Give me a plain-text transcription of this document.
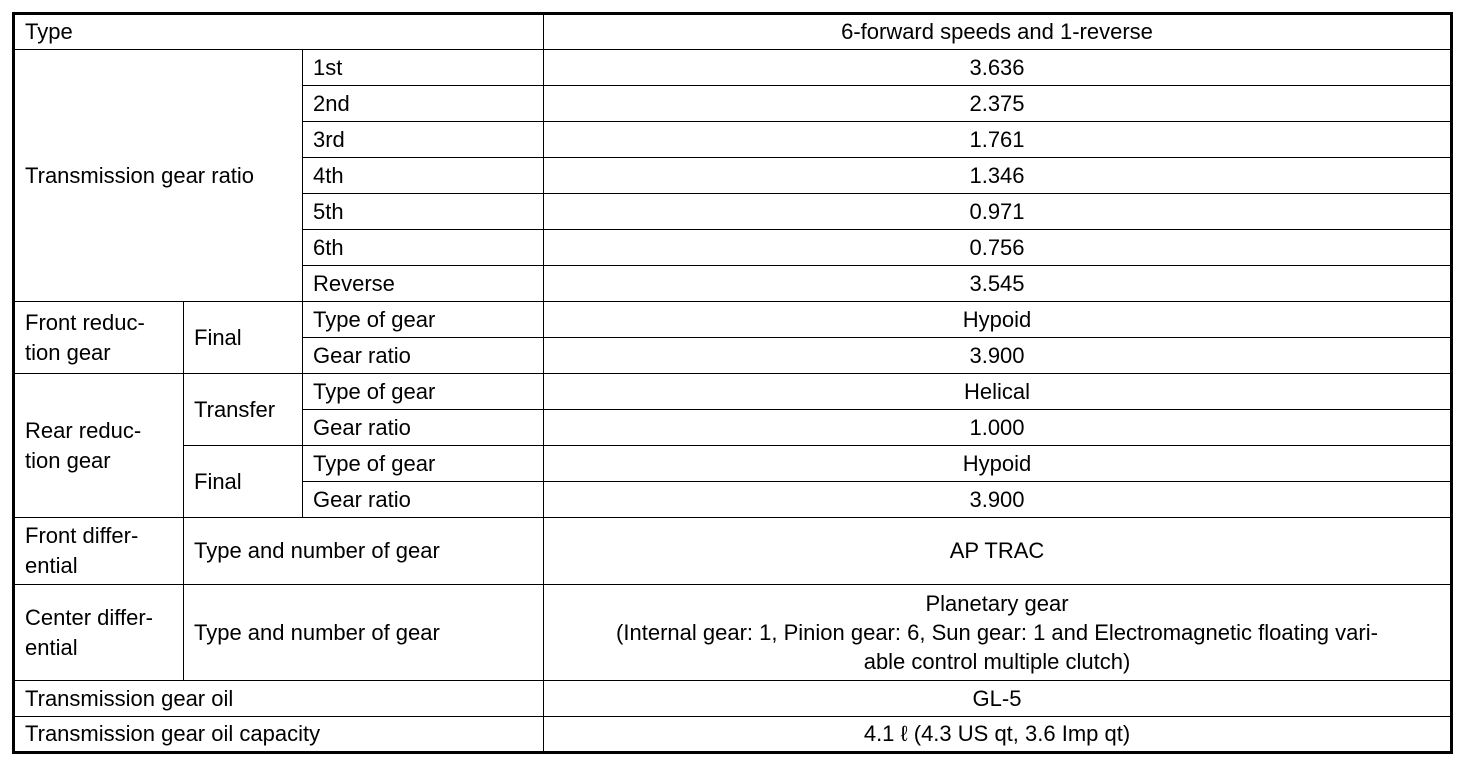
Type			6-forward speeds and 1-reverse
Transmission gear ratio		1st	3.636
		2nd	2.375
		3rd	1.761
		4th	1.346
		5th	0.971
		6th	0.756
		Reverse	3.545

Front reduc-
tion gear	Final	Type of gear	Hypoid
		Gear ratio	3.900

Rear reduc-
tion gear	Transfer	Type of gear	Helical
		Gear ratio	1.000
	Final	Type of gear	Hypoid
		Gear ratio	3.900

Front differ-
ential	Type and number of gear		AP TRAC

Center differ-
ential	Type and number of gear		Planetary gear
(Internal gear: 1, Pinion gear: 6, Sun gear: 1 and Electromagnetic floating vari-
able control multiple clutch)

Transmission gear oil			GL-5
Transmission gear oil capacity			4.1 ℓ (4.3 US qt, 3.6 Imp qt)
